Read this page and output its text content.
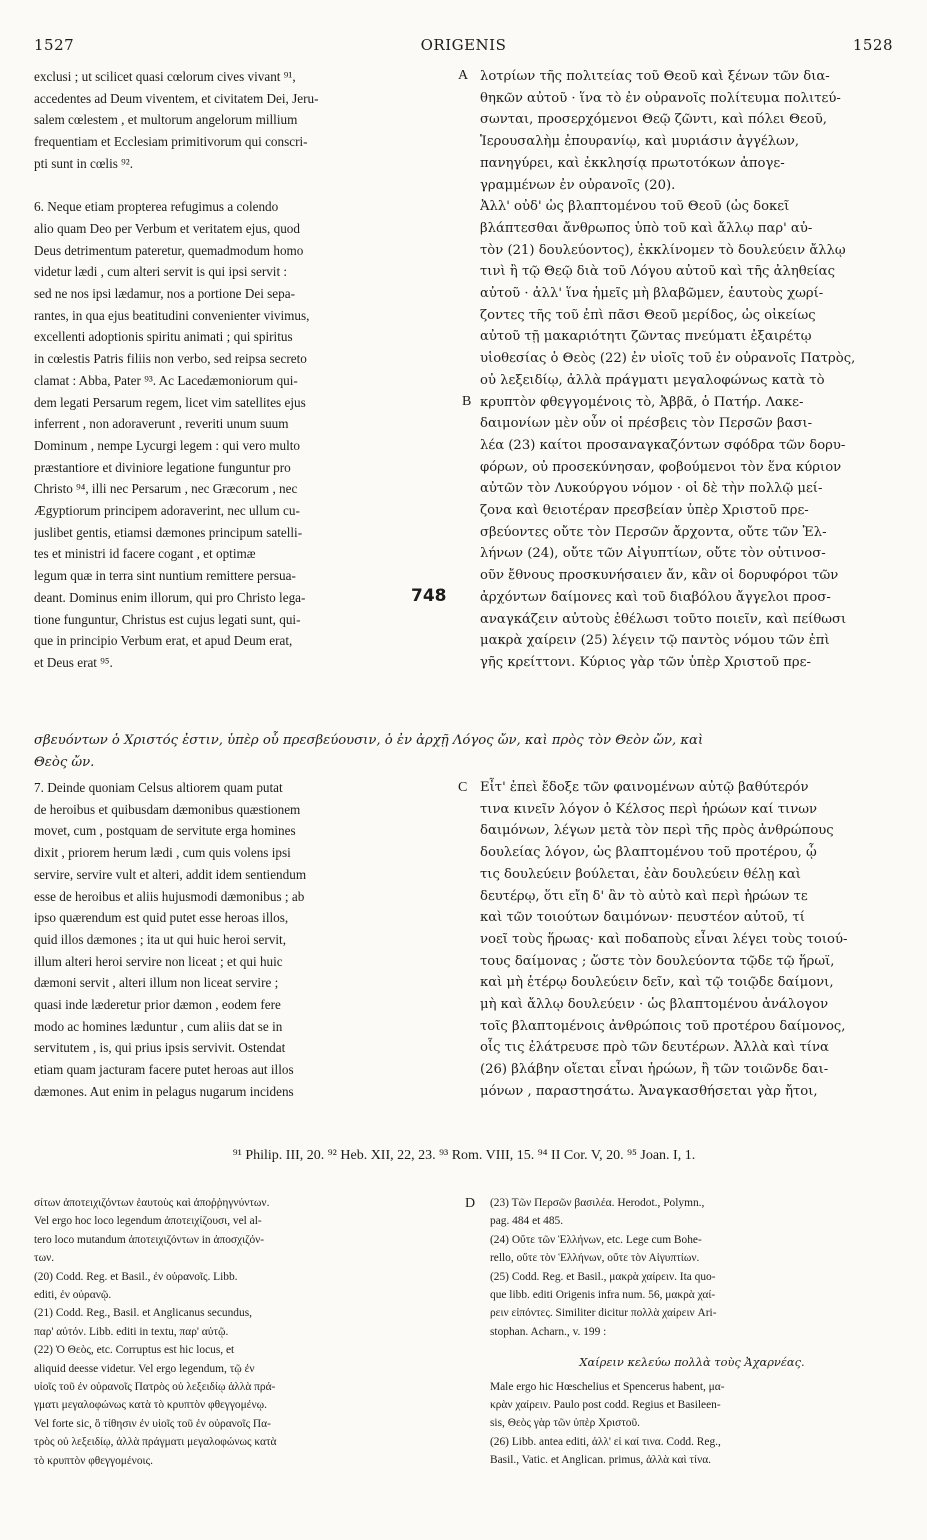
1527	ORIGENIS	1528

exclusi ; ut scilicet quasi cœlorum cives vivant ⁹¹,

accedentes ad Deum viventem, et civitatem Dei, Jeru-

salem cœlestem , et multorum angelorum millium

frequentiam et Ecclesiam primitivorum qui conscri-

pti sunt in cœlis ⁹².

6. Neque etiam propterea refugimus a colendo

alio quam Deo per Verbum et veritatem ejus, quod

Deus detrimentum pateretur, quemadmodum homo

videtur lædi , cum alteri servit is qui ipsi servit :

sed ne nos ipsi lædamur, nos a portione Dei sepa-

rantes, in qua ejus beatitudini convenienter vivimus,

excellenti adoptionis spiritu animati ; qui spiritus

in cœlestis Patris filiis non verbo, sed reipsa secreto

clamat : Abba, Pater ⁹³. Ac Lacedæmoniorum qui-

dem legati Persarum regem, licet vim satellites ejus

inferrent , non adoraverunt , reveriti unum suum

Dominum , nempe Lycurgi legem : qui vero multo

præstantiore et diviniore legatione funguntur pro

Christo ⁹⁴, illi nec Persarum , nec Græcorum , nec

Ægyptiorum principem adoraverint, nec ullum cu-

juslibet gentis, etiamsi dæmones principum satelli-

tes et ministri id facere cogant , et optimæ

legum quæ in terra sint nuntium remittere persua-

deant. Dominus enim illorum, qui pro Christo lega-

tione funguntur, Christus est cujus legati sunt, qui-

que in principio Verbum erat, et apud Deum erat,

et Deus erat ⁹⁵.

λοτρίων τῆς πολιτείας τοῦ Θεοῦ καὶ ξένων τῶν δια-

θηκῶν αὐτοῦ · ἵνα τὸ ἐν οὐρανοῖς πολίτευμα πολιτεύ-

σωνται, προσερχόμενοι Θεῷ ζῶντι, καὶ πόλει Θεοῦ,

Ἱερουσαλὴμ ἐπουρανίῳ, καὶ μυριάσιν ἀγγέλων,

πανηγύρει, καὶ ἐκκλησίᾳ πρωτοτόκων ἀπογε-

γραμμένων ἐν οὐρανοῖς (20).

Ἀλλ' οὐδ' ὡς βλαπτομένου τοῦ Θεοῦ (ὡς δοκεῖ

βλάπτεσθαι ἄνθρωπος ὑπὸ τοῦ καὶ ἄλλῳ παρ' αὐ-

τὸν (21) δουλεύοντος), ἐκκλίνομεν τὸ δουλεύειν ἄλλῳ

τινὶ ἢ τῷ Θεῷ διὰ τοῦ Λόγου αὐτοῦ καὶ τῆς ἀληθείας

αὐτοῦ · ἀλλ' ἵνα ἡμεῖς μὴ βλαβῶμεν, ἑαυτοὺς χωρί-

ζοντες τῆς τοῦ ἐπὶ πᾶσι Θεοῦ μερίδος, ὡς οἰκείως

αὐτοῦ τῇ μακαριότητι ζῶντας πνεύματι ἐξαιρέτῳ

υἱοθεσίας ὁ Θεὸς (22) ἐν υἱοῖς τοῦ ἐν οὐρανοῖς Πατρὸς,

οὐ λεξειδίῳ, ἀλλὰ πράγματι μεγαλοφώνως κατὰ τὸ

κρυπτὸν φθεγγομένοις τὸ, Ἀββᾶ, ὁ Πατήρ. Λακε-

δαιμονίων μὲν οὖν οἱ πρέσβεις τὸν Περσῶν βασι-

λέα (23) καίτοι προσαναγκαζόντων σφόδρα τῶν δορυ-

φόρων, οὐ προσεκύνησαν, φοβούμενοι τὸν ἕνα κύριον

αὐτῶν τὸν Λυκούργου νόμον · οἱ δὲ τὴν πολλῷ μεί-

ζονα καὶ θειοτέραν πρεσβείαν ὑπὲρ Χριστοῦ πρε-

σβεύοντες οὔτε τὸν Περσῶν ἄρχοντα, οὔτε τῶν Ἑλ-

λήνων (24), οὔτε τῶν Αἰγυπτίων, οὔτε τὸν οὑτινοσ-

οῦν ἔθνους προσκυνήσαιεν ἄν, κἂν οἱ δορυφόροι τῶν

ἀρχόντων δαίμονες καὶ τοῦ διαβόλου ἄγγελοι προσ-

αναγκάζειν αὐτοὺς ἐθέλωσι τοῦτο ποιεῖν, καὶ πείθωσι

μακρὰ χαίρειν (25) λέγειν τῷ παντὸς νόμου τῶν ἐπὶ

γῆς κρείττονι. Κύριος γὰρ τῶν ὑπὲρ Χριστοῦ πρε-

A
B
748

σβευόντων ὁ Χριστός ἐστιν, ὑπὲρ οὗ πρεσβεύουσιν, ὁ ἐν ἀρχῇ Λόγος ὤν, καὶ πρὸς τὸν Θεὸν ὤν, καὶ

Θεὸς ὤν.

C

7. Deinde quoniam Celsus altiorem quam putat

de heroibus et quibusdam dæmonibus quæstionem

movet, cum , postquam de servitute erga homines

dixit , priorem herum lædi , cum quis volens ipsi

servire, servire vult et alteri, addit idem sentiendum

esse de heroibus et aliis hujusmodi dæmonibus ; ab

ipso quærendum est quid putet esse heroas illos,

quid illos dæmones ; ita ut qui huic heroi servit,

illum alteri heroi servire non liceat ; et qui huic

dæmoni servit , alteri illum non liceat servire ;

quasi inde læderetur prior dæmon , eodem fere

modo ac homines læduntur , cum aliis dat se in

servitutem , is, qui prius ipsis servivit. Ostendat

etiam quam jacturam facere putet heroas aut illos

dæmones. Aut enim in pelagus nugarum incidens

Εἶτ' ἐπεὶ ἔδοξε τῶν φαινομένων αὐτῷ βαθύτερόν

τινα κινεῖν λόγον ὁ Κέλσος περὶ ἡρώων καί τινων

δαιμόνων, λέγων μετὰ τὸν περὶ τῆς πρὸς ἀνθρώπους

δουλείας λόγον, ὡς βλαπτομένου τοῦ προτέρου, ᾧ

τις δουλεύειν βούλεται, ἐὰν δουλεύειν θέλῃ καὶ

δευτέρῳ, ὅτι εἴη δ' ἂν τὸ αὐτὸ καὶ περὶ ἡρώων τε

καὶ τῶν τοιούτων δαιμόνων· πευστέον αὐτοῦ, τί

νοεῖ τοὺς ἥρωας· καὶ ποδαποὺς εἶναι λέγει τοὺς τοιού-

τους δαίμονας ; ὥστε τὸν δουλεύοντα τῷδε τῷ ἥρωϊ,

καὶ μὴ ἑτέρῳ δουλεύειν δεῖν, καὶ τῷ τοιῷδε δαίμονι,

μὴ καὶ ἄλλῳ δουλεύειν · ὡς βλαπτομένου ἀνάλογον

τοῖς βλαπτομένοις ἀνθρώποις τοῦ προτέρου δαίμονος,

οἷς τις ἐλάτρευσε πρὸ τῶν δευτέρων. Ἀλλὰ καὶ τίνα

(26) βλάβην οἴεται εἶναι ἡρώων, ἢ τῶν τοιῶνδε δαι-

μόνων , παραστησάτω. Ἀναγκασθήσεται γὰρ ἤτοι,

⁹¹ Philip. III, 20. ⁹² Heb. XII, 22, 23. ⁹³ Rom. VIII, 15. ⁹⁴ II Cor. V, 20. ⁹⁵ Joan. I, 1.
D

σίτων ἀποτειχιζόντων ἑαυτοὺς καὶ ἀποῤῥηγνύντων.

Vel ergo hoc loco legendum ἀποτειχίζουσι, vel al-

tero loco mutandum ἀποτειχιζόντων in ἀποσχιζόν-

των.

(20) Codd. Reg. et Basil., ἐν οὐρανοῖς. Libb.

editi, ἐν οὐρανῷ.

(21) Codd. Reg., Basil. et Anglicanus secundus,

παρ' αὐτόν. Libb. editi in textu, παρ' αὐτῷ.

(22) Ὁ Θεὸς, etc. Corruptus est hic locus, et

aliquid deesse videtur. Vel ergo legendum, τῷ ἐν

υἱοῖς τοῦ ἐν οὐρανοῖς Πατρὸς οὐ λεξειδίῳ ἀλλὰ πρά-

γματι μεγαλοφώνως κατὰ τὸ κρυπτὸν φθεγγομένῳ.

Vel forte sic, ὃ τίθησιν ἐν υἱοῖς τοῦ ἐν οὐρανοῖς Πα-

τρὸς οὐ λεξειδίῳ, ἀλλὰ πράγματι μεγαλοφώνως κατὰ

τὸ κρυπτὸν φθεγγομένοις.

(23) Τῶν Περσῶν βασιλέα. Herodot., Polymn.,

pag. 484 et 485.

(24) Οὔτε τῶν Ἑλλήνων, etc. Lege cum Bohe-

rello, οὔτε τὸν Ἑλλήνων, οὔτε τὸν Αἰγυπτίων.

(25) Codd. Reg. et Basil., μακρὰ χαίρειν. Ita quo-

que libb. editi Origenis infra num. 56, μακρὰ χαί-

ρειν εἰπόντες. Similiter dicitur πολλὰ χαίρειν Ari-

stophan. Acharn., v. 199 :

Χαίρειν κελεύω πολλὰ τοὺς Ἀχαρνέας.

Male ergo hic Hœschelius et Spencerus habent, μα-

κρὰν χαίρειν. Paulo post codd. Regius et Basileen-

sis, Θεὸς γὰρ τῶν ὑπὲρ Χριστοῦ.

(26) Libb. antea editi, ἀλλ' εἰ καί τινα. Codd. Reg.,

Basil., Vatic. et Anglican. primus, ἀλλὰ καὶ τίνα.
